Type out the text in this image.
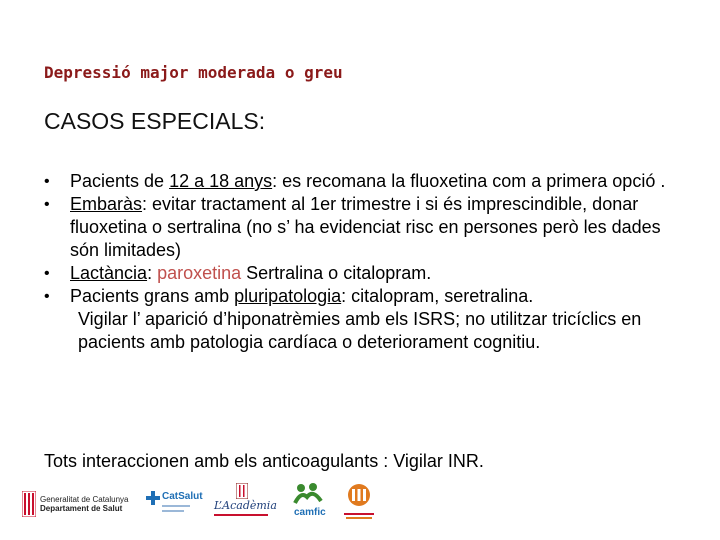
Depressió major moderada o greu
CASOS ESPECIALS:
• Pacients de 12 a 18 anys: es recomana la fluoxetina com a primera opció .
• Embaràs: evitar tractament al 1er trimestre i si és imprescindible, donar fluoxetina o sertralina (no s’ ha evidenciat risc en persones però les dades són limitades)
• Lactància: paroxetina Sertralina o citalopram.
• Pacients grans amb pluripatologia: citalopram, seretralina.
Vigilar l’ aparició d’hiponatrèmies amb els ISRS; no utilitzar tricíclics en pacients amb patologia cardíaca o deteriorament cognitiu.
Tots interaccionen amb els anticoagulants : Vigilar INR.
Generalitat de Catalunya
Departament de Salut
CatSalut
L’Acadèmia
camfic
